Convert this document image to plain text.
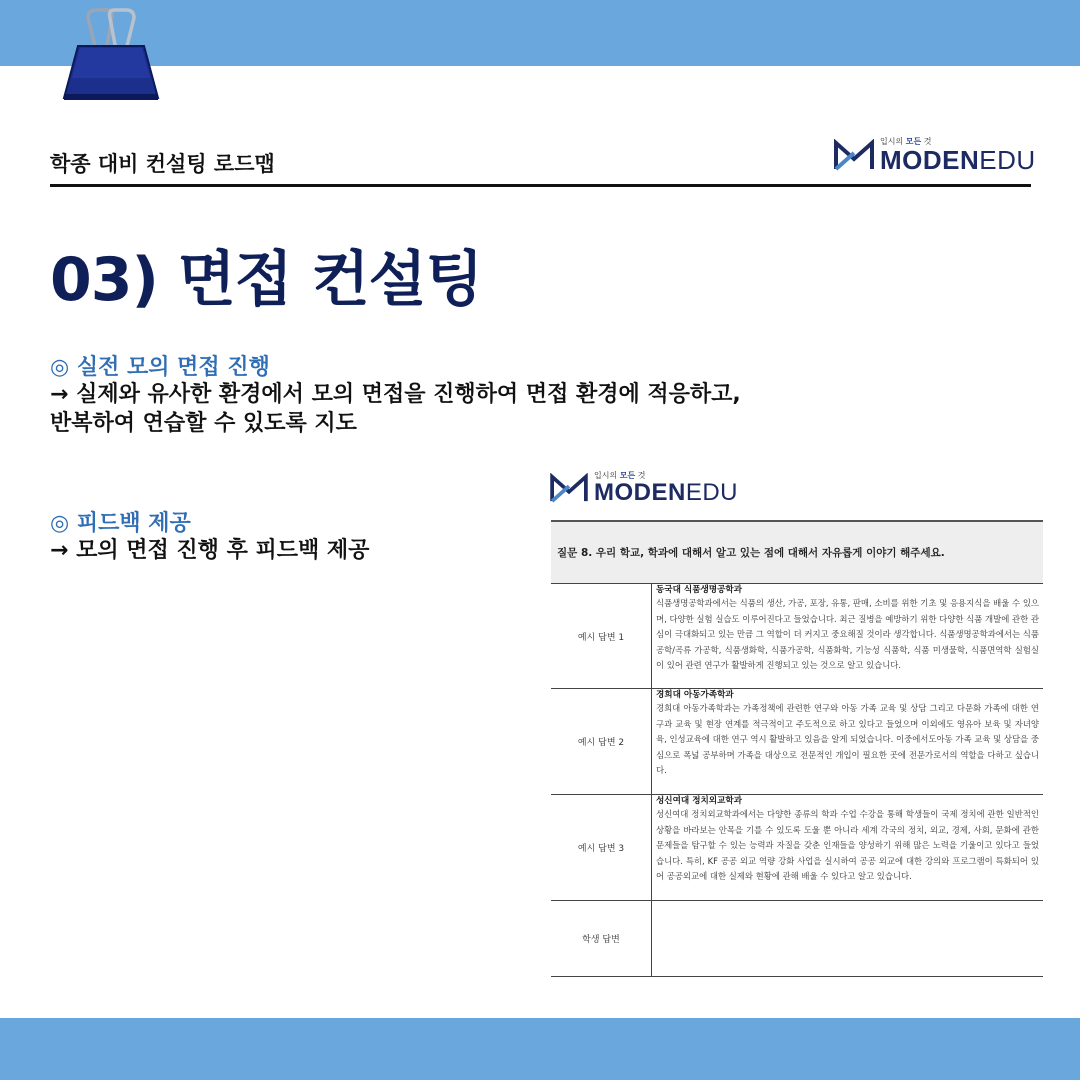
학종 대비 컨설팅 로드맵
입시의 모든 것
MODENEDU
03) 면접 컨설팅
◎ 실전 모의 면접 진행
→ 실제와 유사한 환경에서 모의 면접을 진행하여 면접 환경에 적응하고,
반복하여 연습할 수 있도록 지도
◎ 피드백 제공
→ 모의 면접 진행 후 피드백 제공
입시의 모든 것
MODENEDU
질문 8. 우리 학교, 학과에 대해서 알고 있는 점에 대해서 자유롭게 이야기 해주세요.
예시 답변 1
동국대 식품생명공학과
식품생명공학과에서는 식품의 생산, 가공, 포장, 유통, 판매, 소비를 위한 기초 및 응용지식을 배울 수 있으며, 다양한 실험 실습도 이루어진다고 들었습니다. 최근 질병을 예방하기 위한 다양한 식품 개발에 관한 관심이 극대화되고 있는 만큼 그 역할이 더 커지고 중요해질 것이라 생각합니다. 식품생명공학과에서는 식품공학/곡류 가공학, 식품생화학, 식품가공학, 식품화학, 기능성 식품학, 식품 미생물학, 식품면역학 실험실이 있어 관련 연구가 활발하게 진행되고 있는 것으로 알고 있습니다.
예시 답변 2
경희대 아동가족학과
경희대 아동가족학과는 가족정책에 관련한 연구와 아동 가족 교육 및 상담 그리고 다문화 가족에 대한 연구과 교육 및 현장 연계를 적극적이고 주도적으로 하고 있다고 들었으며 이외에도 영유아 보육 및 자녀양육, 인성교육에 대한 연구 역시 활발하고 있음을 알게 되었습니다. 이중에서도아동 가족 교육 및 상담을 중심으로 폭넓 공부하며 가족을 대상으로 전문적인 개입이 필요한 곳에 전문가로서의 역할을 다하고 싶습니다.
예시 답변 3
성신여대 정치외교학과
성신여대 정치외교학과에서는 다양한 종류의 학과 수업 수강을 통해 학생들이 국제 정치에 관한 일반적인 상황을 바라보는 안목을 기를 수 있도록 도울 뿐 아니라 세계 각국의 정치, 외교, 경제, 사회, 문화에 관한 문제들을 탐구할 수 있는 능력과 자질을 갖춘 인재들을 양성하기 위해 많은 노력을 기울이고 있다고 들었습니다. 특히, KF 공공 외교 역량 강화 사업을 실시하여 공공 외교에 대한 강의와 프로그램이 특화되어 있어 공공외교에 대한 실제와 현황에 관해 배울 수 있다고 알고 있습니다.
학생 답변
